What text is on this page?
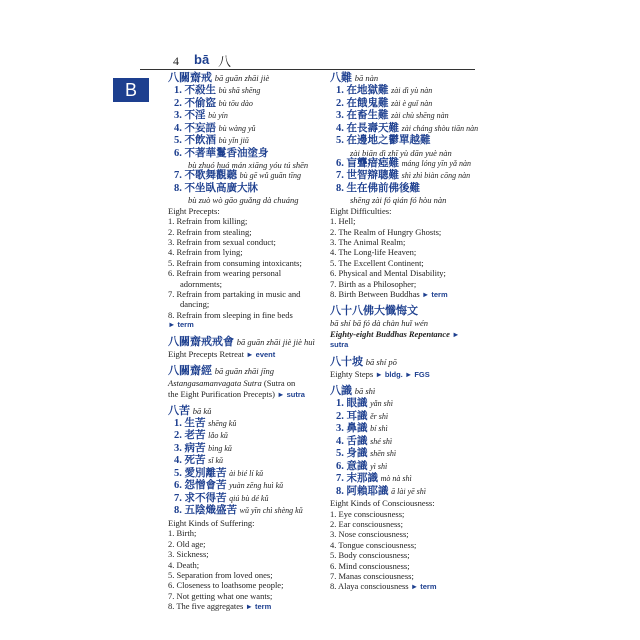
4 bā 八
B
八關齋戒 bā guān zhāi jiè
1. 不殺生 bù shā shēng
2. 不偷盜 bù tōu dào
3. 不淫 bù yín
4. 不妄語 bù wàng yǔ
5. 不飲酒 bù yǐn jiǔ
6. 不著華鬘香油塗身
bù zhuó huá mán xiāng yóu tú shēn
7. 不歌舞觀聽 bù gē wǔ guān tīng
8. 不坐臥高廣大牀
bù zuò wò gāo guǎng dà chuáng
Eight Precepts:
1. Refrain from killing;
2. Refrain from stealing;
3. Refrain from sexual conduct;
4. Refrain from lying;
5. Refrain from consuming intoxicants;
6. Refrain from wearing personal
adornments;
7. Refrain from partaking in music and
dancing;
8. Refrain from sleeping in fine beds
► term
八關齋戒戒會 bā guān zhāi jiè jiè huì
Eight Precepts Retreat ► event
八關齋經 bā guān zhāi jīng
Astangasamanvagata Sutra (Sutra on
the Eight Purification Precepts) ► sutra
八苦 bā kǔ
1. 生苦 shēng kǔ
2. 老苦 lǎo kǔ
3. 病苦 bìng kǔ
4. 死苦 sǐ kǔ
5. 愛別離苦 ài bié lí kǔ
6. 怨憎會苦 yuàn zēng huì kǔ
7. 求不得苦 qiú bù dé kǔ
8. 五陰熾盛苦 wǔ yīn chì shèng kǔ
Eight Kinds of Suffering:
1. Birth;
2. Old age;
3. Sickness;
4. Death;
5. Separation from loved ones;
6. Closeness to loathsome people;
7. Not getting what one wants;
8. The five aggregates ► term
八難 bā nàn
1. 在地獄難 zài dì yù nàn
2. 在餓鬼難 zài è guǐ nàn
3. 在畜生難 zài chù shēng nàn
4. 在長壽天難 zài cháng shòu tiān nàn
5. 在邊地之鬱單越難
zài biān dì zhī yù dān yuè nàn
6. 盲聾瘖瘂難 máng lóng yīn yǎ nàn
7. 世智辯聰難 shì zhì biàn cōng nàn
8. 生在佛前佛後難
shēng zài fó qián fó hòu nàn
Eight Difficulties:
1. Hell;
2. The Realm of Hungry Ghosts;
3. The Animal Realm;
4. The Long-life Heaven;
5. The Excellent Continent;
6. Physical and Mental Disability;
7. Birth as a Philosopher;
8. Birth Between Buddhas ► term
八十八佛大懺悔文
bā shí bā fó dà chàn huǐ wén
Eighty-eight Buddhas Repentance ►
sutra
八十坡 bā shí pō
Eighty Steps ► bldg. ► FGS
八識 bā shì
1. 眼識 yǎn shì
2. 耳識 ěr shì
3. 鼻識 bí shì
4. 舌識 shé shì
5. 身識 shēn shì
6. 意識 yì shì
7. 末那識 mò nà shì
8. 阿賴耶識 ā lài yē shì
Eight Kinds of Consciousness:
1. Eye consciousness;
2. Ear consciousness;
3. Nose consciousness;
4. Tongue consciousness;
5. Body consciousness;
6. Mind consciousness;
7. Manas consciousness;
8. Alaya consciousness ► term
